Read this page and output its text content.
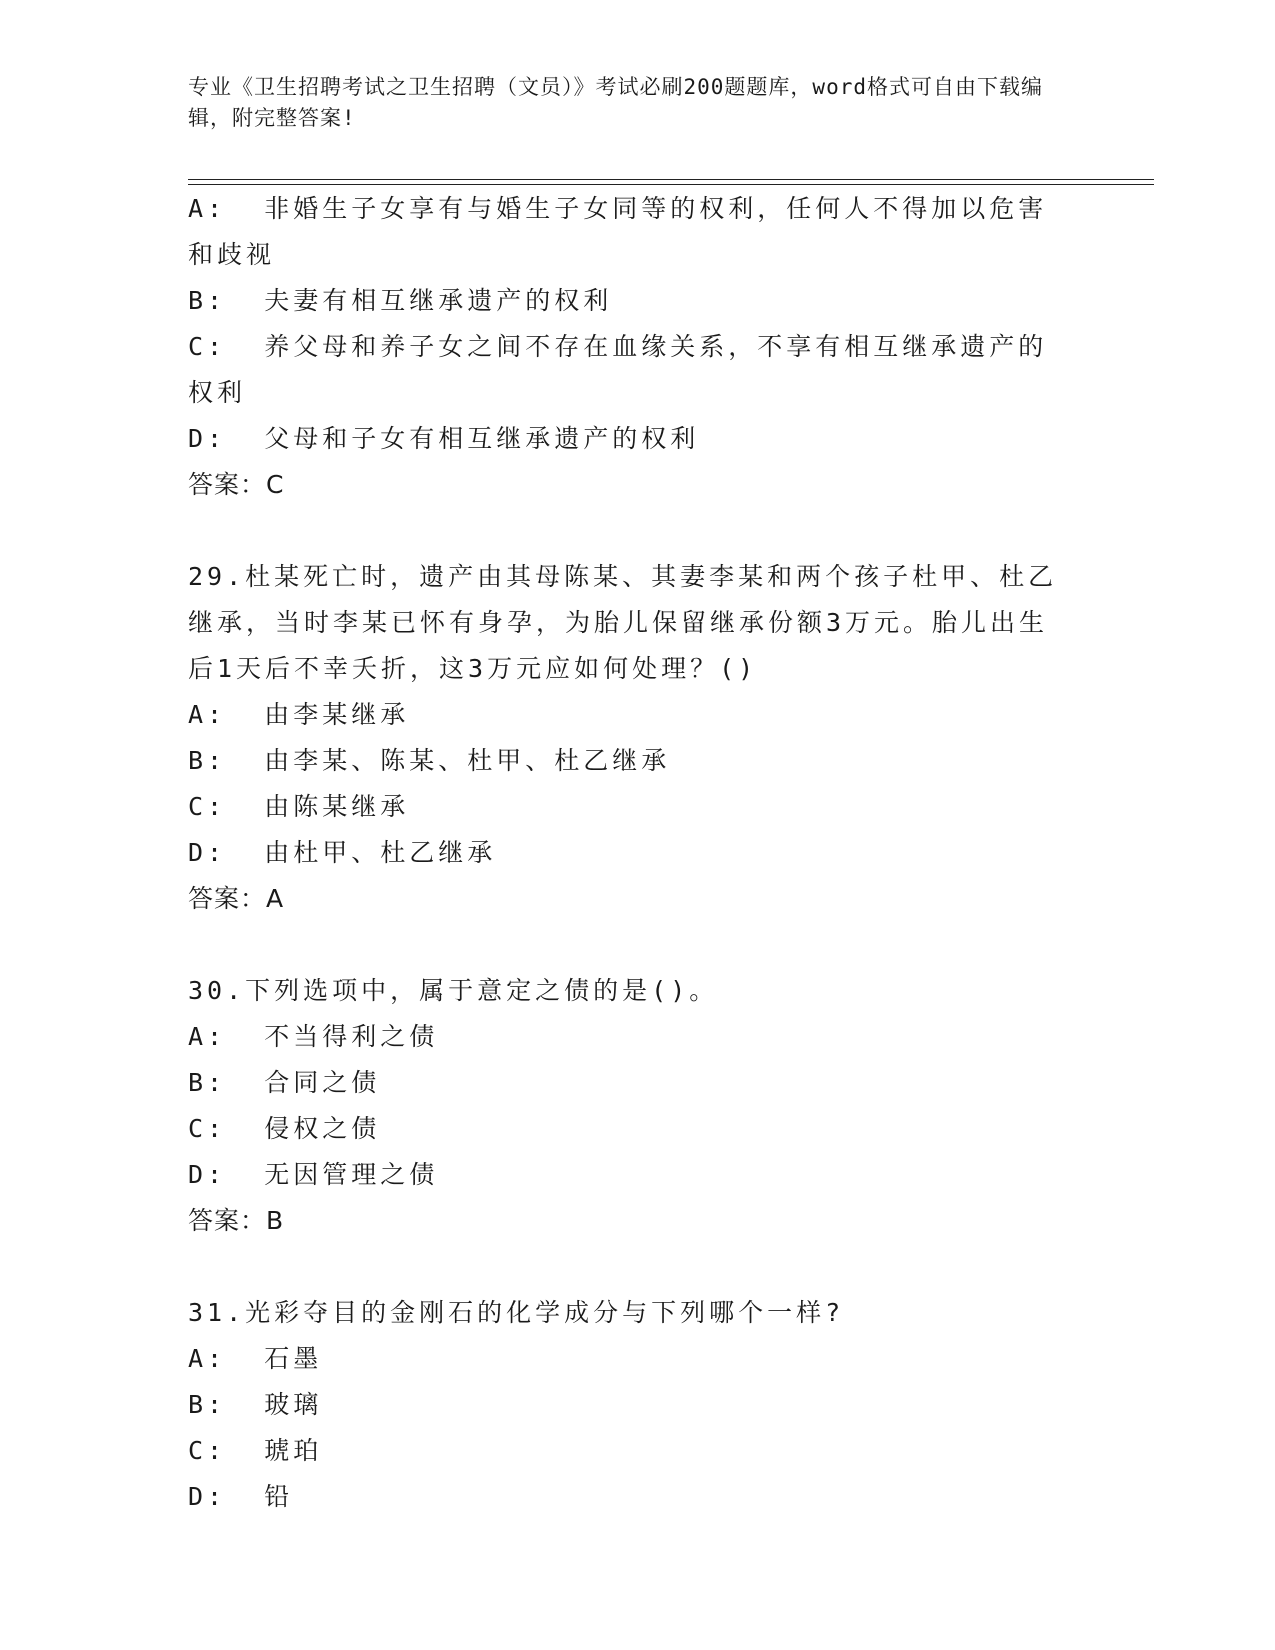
专业《卫生招聘考试之卫生招聘（文员）》考试必刷200题题库，word格式可自由下载编辑，附完整答案!
A:  非婚生子女享有与婚生子女同等的权利，任何人不得加以危害和歧视
B:  夫妻有相互继承遗产的权利
C:  养父母和养子女之间不存在血缘关系，不享有相互继承遗产的权利
D:  父母和子女有相互继承遗产的权利
答案：C
29.杜某死亡时，遗产由其母陈某、其妻李某和两个孩子杜甲、杜乙继承，当时李某已怀有身孕，为胎儿保留继承份额3万元。胎儿出生后1天后不幸夭折，这3万元应如何处理？()
A:  由李某继承
B:  由李某、陈某、杜甲、杜乙继承
C:  由陈某继承
D:  由杜甲、杜乙继承
答案：A
30.下列选项中，属于意定之债的是()。
A:  不当得利之债
B:  合同之债
C:  侵权之债
D:  无因管理之债
答案：B
31.光彩夺目的金刚石的化学成分与下列哪个一样?
A:  石墨
B:  玻璃
C:  琥珀
D:  铅
